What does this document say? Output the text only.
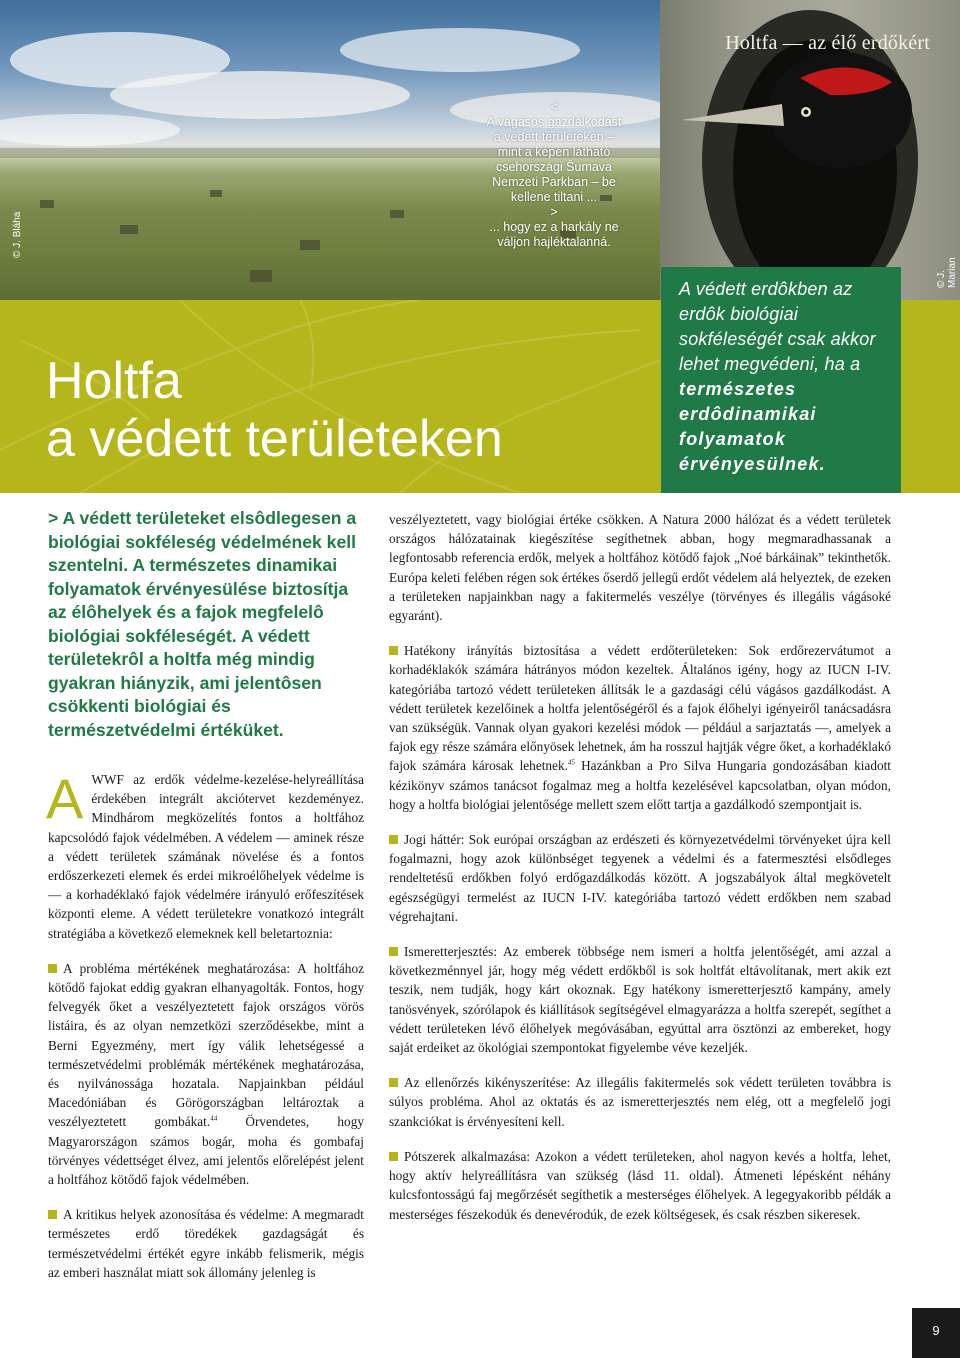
Holtfa — az élő erdőkért
<
A vágásos gazdálkodást
a védett területeken –
mint a képen látható
csehországi Šumava
Nemzeti Parkban – be
kellene tiltani ...
>
... hogy ez a harkály ne
váljon hajléktalanná.
© J. Bláha
© J. Marian
Holtfa
a védett területeken
A védett erdôkben az erdôk biológiai sokféleségét csak akkor lehet megvédeni, ha a természetes erdôdinamikai folyamatok érvényesülnek.
> A védett területeket elsôdlegesen a biológiai sokféleség védelmének kell szentelni. A természetes dinamikai folyamatok érvényesülése biztosítja az élôhelyek és a fajok megfelelô biológiai sokféleségét. A védett területekrôl a holtfa még mindig gyakran hiányzik, ami jelentôsen csökkenti biológiai és természetvédelmi értéküket.

AWWF az erdők védelme-kezelése-helyreállítása érdekében integrált akciótervet kezdeményez. Mindhárom megközelítés fontos a holtfához kapcsolódó fajok védelmében. A védelem — aminek része a védett területek számának növelése és a fontos erdőszerkezeti elemek és erdei mikroélőhelyek védelme is — a korhadéklakó fajok védelmére irányuló erőfeszítések központi eleme. A védett területekre vonatkozó integrált stratégiába a következő elemeknek kell beletartoznia:

A probléma mértékének meghatározása: A holtfához kötődő fajokat eddig gyakran elhanyagolták. Fontos, hogy felvegyék őket a veszélyeztetett fajok országos vörös listáira, és az olyan nemzetközi szerződésekbe, mint a Berni Egyezmény, mert így válik lehetségessé a természetvédelmi problémák mértékének meghatározása, és nyilvánossága hozatala. Napjainkban például Macedóniában és Görögországban leltároztak a veszélyeztetett gombákat.$^{44}$ Örvendetes, hogy Magyarországon számos bogár, moha és gombafaj törvényes védettséget élvez, ami jelentős előrelépést jelent a holtfához kötődő fajok védelmében.

A kritikus helyek azonosítása és védelme: A megmaradt természetes erdő töredékek gazdagságát és természetvédelmi értékét egyre inkább felismerik, mégis az emberi használat miatt sok állomány jelenleg is

veszélyeztetett, vagy biológiai értéke csökken. A Natura 2000 hálózat és a védett területek országos hálózatainak kiegészítése segíthetnek abban, hogy megmaradhassanak a legfontosabb referencia erdők, melyek a holtfához kötődő fajok „Noé bárkáinak” tekinthetők. Európa keleti felében régen sok értékes őserdő jellegű erdőt védelem alá helyeztek, de ezeken a területeken napjainkban nagy a fakitermelés veszélye (törvényes és illegális vágásoké egyaránt).

Hatékony irányítás biztosítása a védett erdőterületeken: Sok erdőrezervátumot a korhadéklakók számára hátrányos módon kezeltek. Általános igény, hogy az IUCN I-IV. kategóriába tartozó védett területeken állítsák le a gazdasági célú vágásos gazdálkodást. A védett területek kezelőinek a holtfa jelentőségéről és a fajok élőhelyi igényeiről tanácsadásra van szükségük. Vannak olyan gyakori kezelési módok — például a sarjaztatás —, amelyek a fajok egy része számára előnyösek lehetnek, ám ha rosszul hajtják végre őket, a korhadéklakó fajok számára károsak lehetnek.$^{45}$ Hazánkban a Pro Silva Hungaria gondozásában kiadott kézikönyv számos tanácsot fogalmaz meg a holtfa kezelésével kapcsolatban, olyan módon, hogy a holtfa biológiai jelentősége mellett szem előtt tartja a gazdálkodó szempontjait is.

Jogi háttér: Sok európai országban az erdészeti és környezetvédelmi törvényeket újra kell fogalmazni, hogy azok különbséget tegyenek a védelmi és a fatermesztési elsődleges rendeltetésű erdőkben folyó erdőgazdálkodás között. A jogszabályok által megkövetelt egészségügyi termelést az IUCN I-IV. kategóriába tartozó védett erdőkben nem szabad végrehajtani.

Ismeretterjesztés: Az emberek többsége nem ismeri a holtfa jelentőségét, ami azzal a következménnyel jár, hogy még védett erdőkből is sok holtfát eltávolítanak, mert akik ezt teszik, nem tudják, hogy kárt okoznak. Egy hatékony ismeretterjesztő kampány, amely tanösvények, szórólapok és kiállítások segítségével elmagyarázza a holtfa szerepét, segíthet a védett területeken lévő élőhelyek megóvásában, egyúttal arra ösztönzi az embereket, hogy saját erdeiket az ökológiai szempontokat figyelembe véve kezeljék.

Az ellenőrzés kikényszerítése: Az illegális fakitermelés sok védett területen továbbra is súlyos probléma. Ahol az oktatás és az ismeretterjesztés nem elég, ott a megfelelő jogi szankciókat is érvényesíteni kell.

Pótszerek alkalmazása: Azokon a védett területeken, ahol nagyon kevés a holtfa, lehet, hogy aktív helyreállításra van szükség (lásd 11. oldal). Átmeneti lépésként néhány kulcsfontosságú faj megőrzését segíthetik a mesterséges élőhelyek. A legegyakoribb példák a mesterséges fészekodúk és denevérodúk, de ezek költségesek, és csak részben sikeresek.

9
